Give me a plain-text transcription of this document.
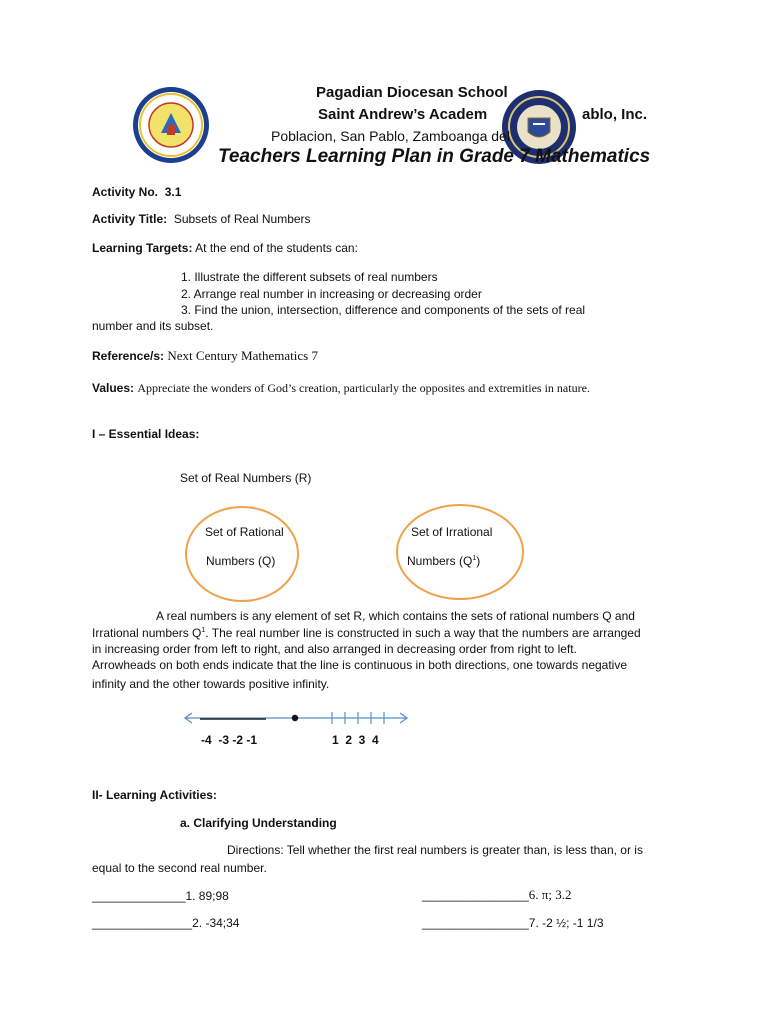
Pagadian Diocesan School
Saint Andrew’s Academ	ablo, Inc.
Poblacion, San Pablo, Zamboanga del
Teachers Learning Plan in Grade 7 Mathematics
Activity No. 3.1
Activity Title: Subsets of Real Numbers
Learning Targets: At the end of the students can:
1. Illustrate the different subsets of real numbers
2. Arrange real number in increasing or decreasing order
3. Find the union, intersection, difference and components of the sets of real
number and its subset.
Reference/s: Next Century Mathematics 7
Values: Appreciate the wonders of God’s creation, particularly the opposites and extremities in nature.
I – Essential Ideas:
Set of Real Numbers (R)
Set of Rational
Numbers (Q)
Set of Irrational
Numbers $(Q^1)$
A real numbers is any element of set R, which contains the sets of rational numbers Q and
Irrational numbers $Q^1$. The real number line is constructed in such a way that the numbers are arranged
in increasing order from left to right, and also arranged in decreasing order from right to left.
Arrowheads on both ends indicate that the line is continuous in both directions, one towards negative
infinity and the other towards positive infinity.
-4  -3 -2 -1	1  2  3  4
II- Learning Activities:
a. Clarifying Understanding
Directions: Tell whether the first real numbers is greater than, is less than, or is
equal to the second real number.
______________1. 89;98	________________6. π; 3.2
_______________2. -34;34	________________7. -2 ½; -1 1/3
